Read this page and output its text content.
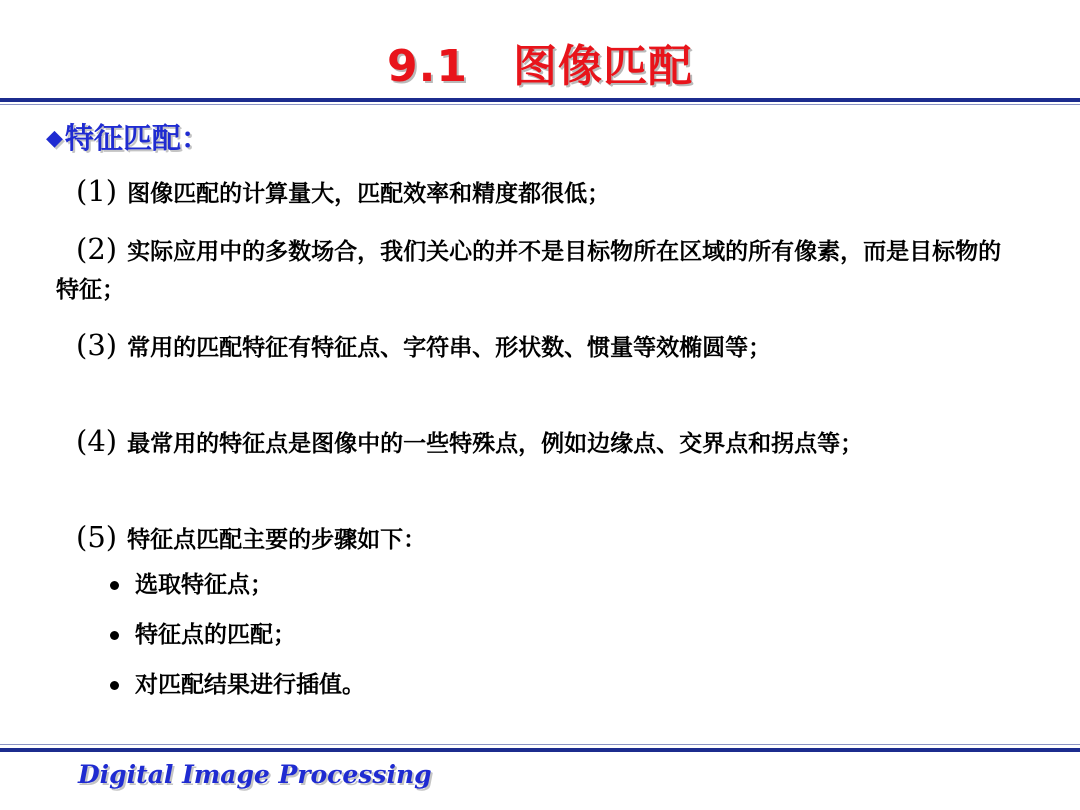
9.1　图像匹配
◆特征匹配：
(1) 图像匹配的计算量大，匹配效率和精度都很低；
(2) 实际应用中的多数场合，我们关心的并不是目标物所在区域的所有像素，而是目标物的特征；
(3) 常用的匹配特征有特征点、字符串、形状数、惯量等效椭圆等；
(4) 最常用的特征点是图像中的一些特殊点，例如边缘点、交界点和拐点等；
(5) 特征点匹配主要的步骤如下：
选取特征点；
特征点的匹配；
对匹配结果进行插值。
Digital Image Processing
